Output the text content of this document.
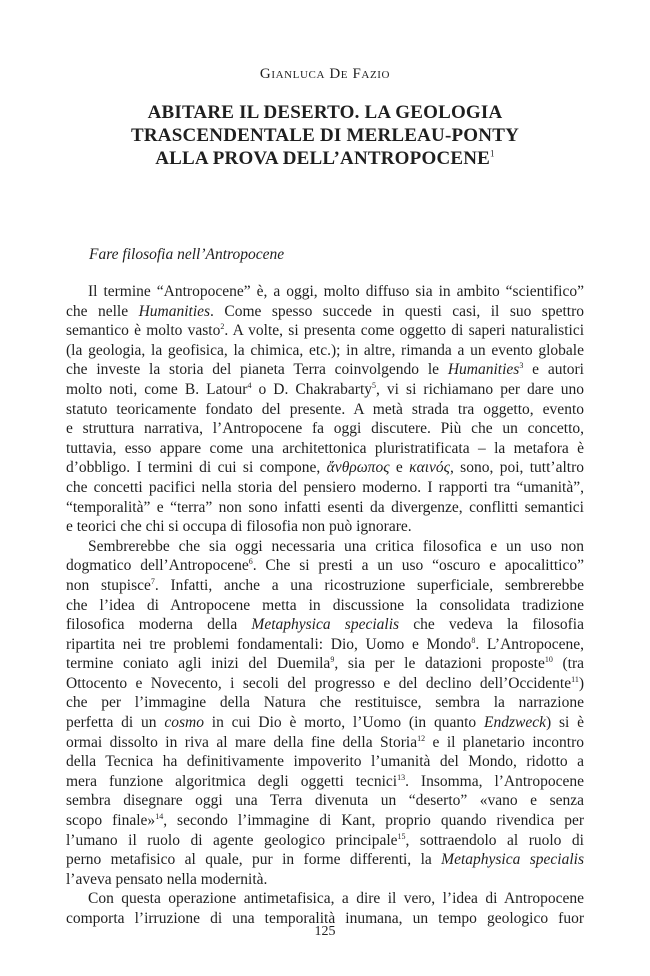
Gianluca De Fazio
ABITARE IL DESERTO. LA GEOLOGIA
TRASCENDENTALE DI MERLEAU-PONTY
ALLA PROVA DELL’ANTROPOCENE$^1$
Fare filosofia nell’Antropocene
Il termine “Antropocene” è, a oggi, molto diffuso sia in ambito “scientifico”
che nelle Humanities. Come spesso succede in questi casi, il suo spettro
semantico è molto vasto$^2$. A volte, si presenta come oggetto di saperi naturalistici
(la geologia, la geofisica, la chimica, etc.); in altre, rimanda a un evento globale
che investe la storia del pianeta Terra coinvolgendo le Humanities$^3$ e autori
molto noti, come B. Latour$^4$ o D. Chakrabarty$^5$, vi si richiamano per dare uno
statuto teoricamente fondato del presente. A metà strada tra oggetto, evento
e struttura narrativa, l’Antropocene fa oggi discutere. Più che un concetto,
tuttavia, esso appare come una architettonica pluristratificata – la metafora è
d’obbligo. I termini di cui si compone, ἄνθρωπος e καινός, sono, poi, tutt’altro
che concetti pacifici nella storia del pensiero moderno. I rapporti tra “umanità”,
“temporalità” e “terra” non sono infatti esenti da divergenze, conflitti semantici
e teorici che chi si occupa di filosofia non può ignorare.
Sembrerebbe che sia oggi necessaria una critica filosofica e un uso non
dogmatico dell’Antropocene$^6$. Che si presti a un uso “oscuro e apocalittico”
non stupisce$^7$. Infatti, anche a una ricostruzione superficiale, sembrerebbe
che l’idea di Antropocene metta in discussione la consolidata tradizione
filosofica moderna della Metaphysica specialis che vedeva la filosofia
ripartita nei tre problemi fondamentali: Dio, Uomo e Mondo$^8$. L’Antropocene,
termine coniato agli inizi del Duemila$^9$, sia per le datazioni proposte$^{10}$ (tra
Ottocento e Novecento, i secoli del progresso e del declino dell’Occidente$^{11}$)
che per l’immagine della Natura che restituisce, sembra la narrazione
perfetta di un cosmo in cui Dio è morto, l’Uomo (in quanto Endzweck) si è
ormai dissolto in riva al mare della fine della Storia$^{12}$ e il planetario incontro
della Tecnica ha definitivamente impoverito l’umanità del Mondo, ridotto a
mera funzione algoritmica degli oggetti tecnici$^{13}$. Insomma, l’Antropocene
sembra disegnare oggi una Terra divenuta un “deserto” «vano e senza
scopo finale»$^{14}$, secondo l’immagine di Kant, proprio quando rivendica per
l’umano il ruolo di agente geologico principale$^{15}$, sottraendolo al ruolo di
perno metafisico al quale, pur in forme differenti, la Metaphysica specialis
l’aveva pensato nella modernità.
Con questa operazione antimetafisica, a dire il vero, l’idea di Antropocene
comporta l’irruzione di una temporalità inumana, un tempo geologico fuor
125
